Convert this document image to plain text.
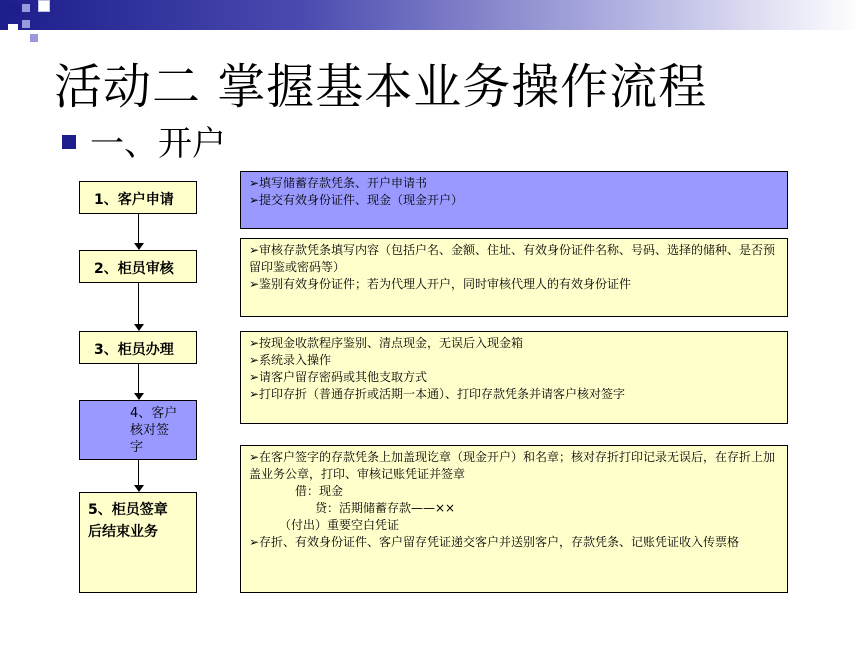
活动二 掌握基本业务操作流程
一、开户
1、客户申请
2、柜员审核
3、柜员办理
4、客户
核对签
字
5、柜员签章
后结束业务
➢填写储蓄存款凭条、开户申请书
➢提交有效身份证件、现金（现金开户）
➢审核存款凭条填写内容（包括户名、金额、住址、有效身份证件名称、号码、选择的储种、是否预留印鉴或密码等）
➢鉴别有效身份证件；若为代理人开户，同时审核代理人的有效身份证件
➢按现金收款程序鉴别、清点现金，无误后入现金箱
➢系统录入操作
➢请客户留存密码或其他支取方式
➢打印存折（普通存折或活期一本通）、打印存款凭条并请客户核对签字
➢在客户签字的存款凭条上加盖现讫章（现金开户）和名章；核对存折打印记录无误后，在存折上加盖业务公章，打印、审核记账凭证并签章
借：现金
贷：活期储蓄存款——××
（付出）重要空白凭证
➢存折、有效身份证件、客户留存凭证递交客户并送别客户，存款凭条、记账凭证收入传票格
